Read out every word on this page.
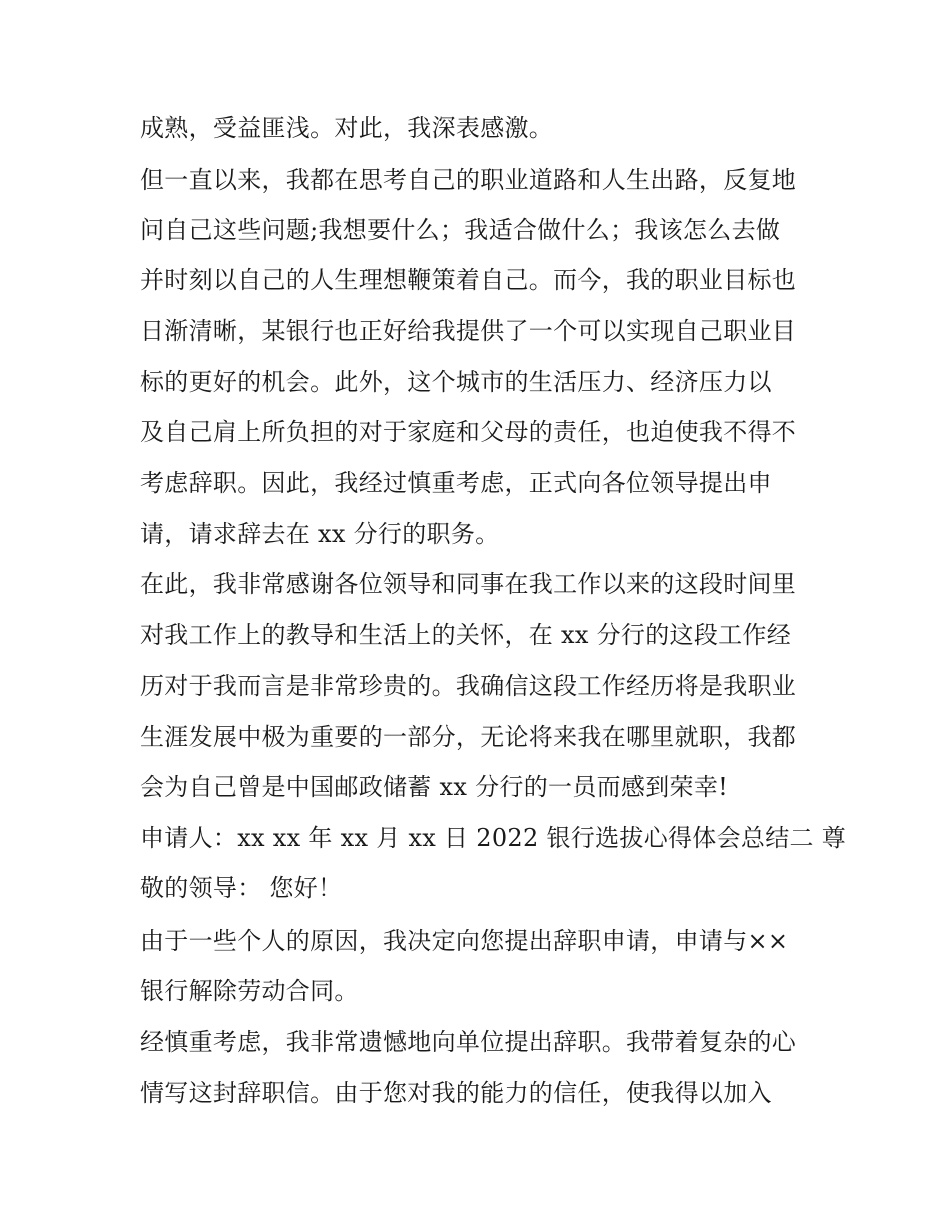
成熟，受益匪浅。对此，我深表感激。
但一直以来，我都在思考自己的职业道路和人生出路，反复地
问自己这些问题;我想要什么；我适合做什么；我该怎么去做
并时刻以自己的人生理想鞭策着自己。而今，我的职业目标也
日渐清晰，某银行也正好给我提供了一个可以实现自己职业目
标的更好的机会。此外，这个城市的生活压力、经济压力以
及自己肩上所负担的对于家庭和父母的责任，也迫使我不得不
考虑辞职。因此，我经过慎重考虑，正式向各位领导提出申
请，请求辞去在 xx 分行的职务。
在此，我非常感谢各位领导和同事在我工作以来的这段时间里
对我工作上的教导和生活上的关怀，在 xx 分行的这段工作经
历对于我而言是非常珍贵的。我确信这段工作经历将是我职业
生涯发展中极为重要的一部分，无论将来我在哪里就职，我都
会为自己曾是中国邮政储蓄 xx 分行的一员而感到荣幸!
申请人：xx xx 年 xx 月 xx 日 2022 银行选拔心得体会总结二 尊
敬的领导： 您好！
由于一些个人的原因，我决定向您提出辞职申请，申请与××
银行解除劳动合同。
经慎重考虑，我非常遗憾地向单位提出辞职。我带着复杂的心
情写这封辞职信。由于您对我的能力的信任，使我得以加入
